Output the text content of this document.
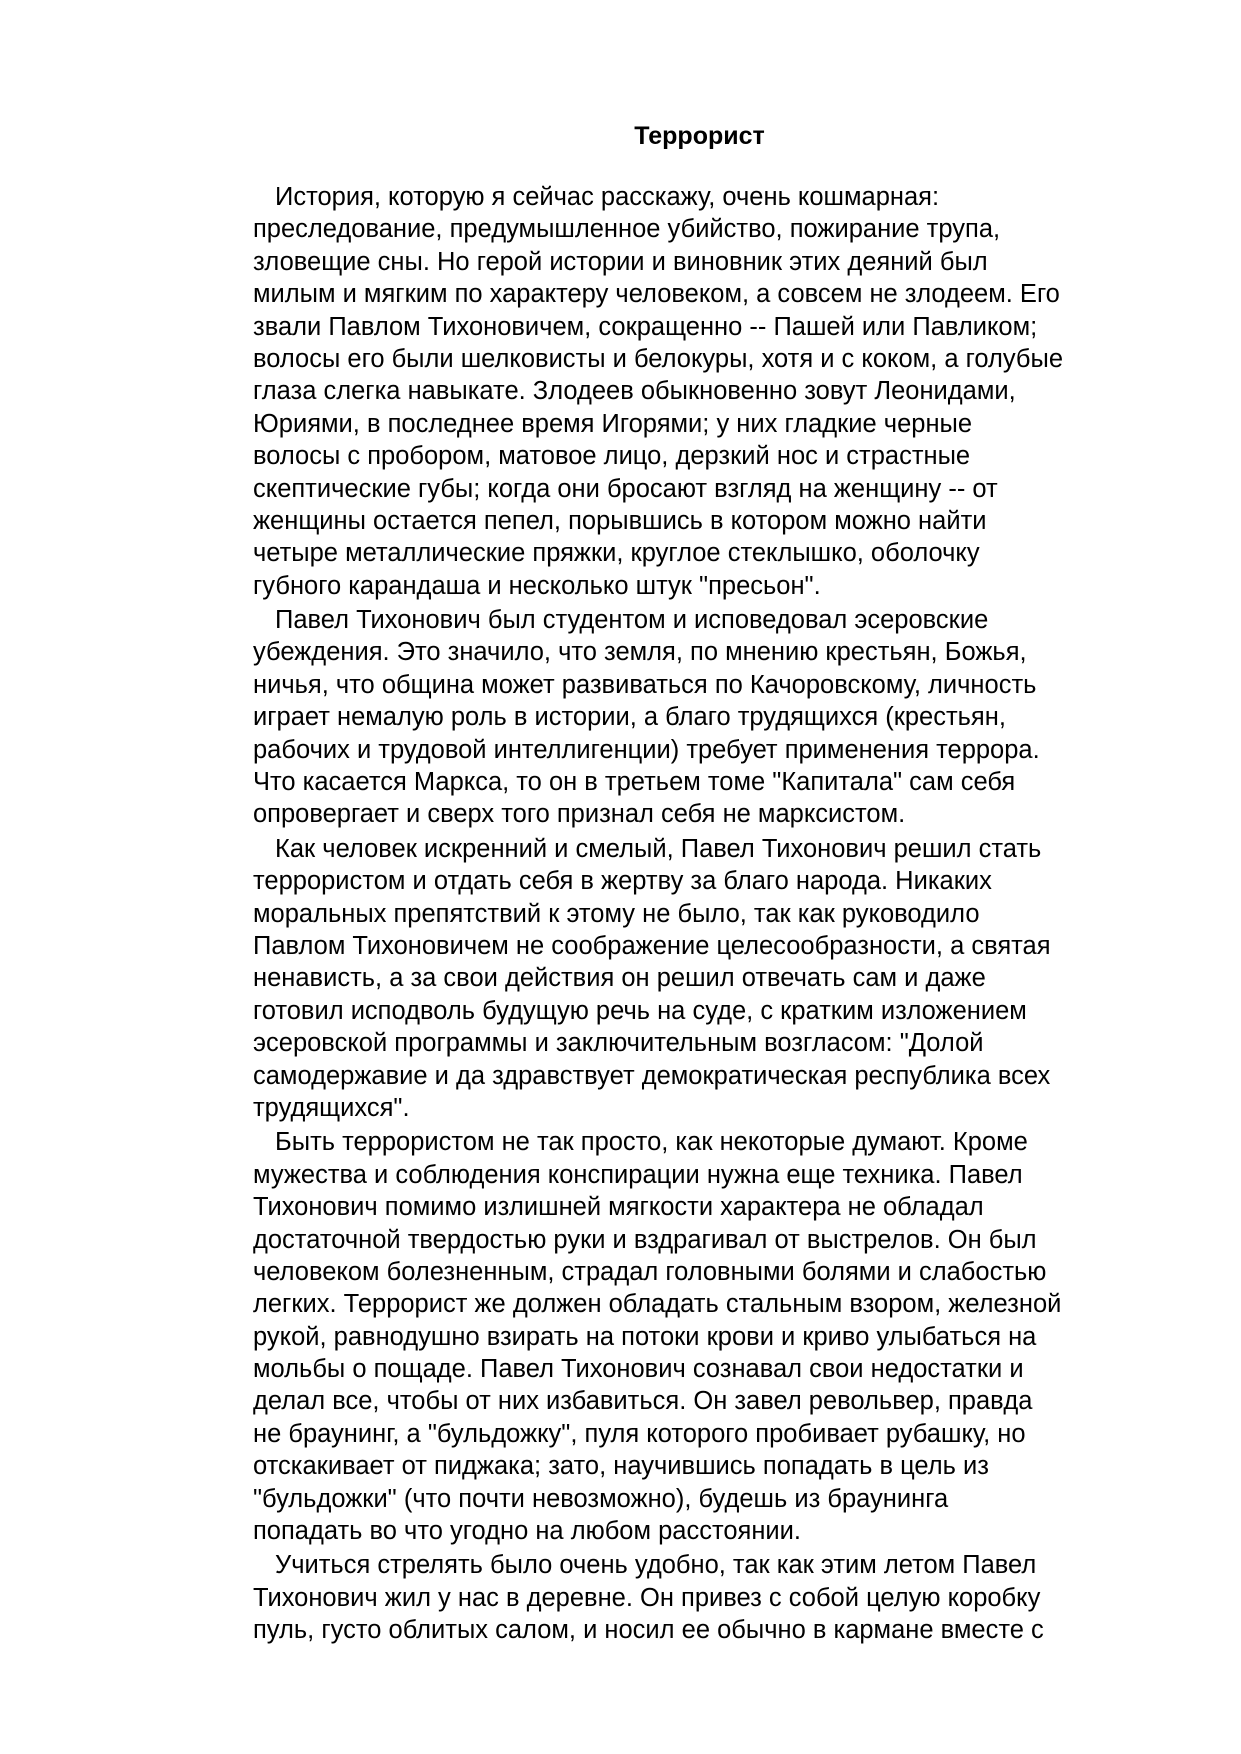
Террорист
История, которую я сейчас расскажу, очень кошмарная:
преследование, предумышленное убийство, пожирание трупа,
зловещие сны. Но герой истории и виновник этих деяний был
милым и мягким по характеру человеком, а совсем не злодеем. Его
звали Павлом Тихоновичем, сокращенно -- Пашей или Павликом;
волосы его были шелковисты и белокуры, хотя и с коком, а голубые
глаза слегка навыкате. Злодеев обыкновенно зовут Леонидами,
Юриями, в последнее время Игорями; у них гладкие черные
волосы с пробором, матовое лицо, дерзкий нос и страстные
скептические губы; когда они бросают взгляд на женщину -- от
женщины остается пепел, порывшись в котором можно найти
четыре металлические пряжки, круглое стеклышко, оболочку
губного карандаша и несколько штук "пресьон".
Павел Тихонович был студентом и исповедовал эсеровские
убеждения. Это значило, что земля, по мнению крестьян, Божья,
ничья, что община может развиваться по Качоровскому, личность
играет немалую роль в истории, а благо трудящихся (крестьян,
рабочих и трудовой интеллигенции) требует применения террора.
Что касается Маркса, то он в третьем томе "Капитала" сам себя
опровергает и сверх того признал себя не марксистом.
Как человек искренний и смелый, Павел Тихонович решил стать
террористом и отдать себя в жертву за благо народа. Никаких
моральных препятствий к этому не было, так как руководило
Павлом Тихоновичем не соображение целесообразности, а святая
ненависть, а за свои действия он решил отвечать сам и даже
готовил исподволь будущую речь на суде, с кратким изложением
эсеровской программы и заключительным возгласом: "Долой
самодержавие и да здравствует демократическая республика всех
трудящихся".
Быть террористом не так просто, как некоторые думают. Кроме
мужества и соблюдения конспирации нужна еще техника. Павел
Тихонович помимо излишней мягкости характера не обладал
достаточной твердостью руки и вздрагивал от выстрелов. Он был
человеком болезненным, страдал головными болями и слабостью
легких. Террорист же должен обладать стальным взором, железной
рукой, равнодушно взирать на потоки крови и криво улыбаться на
мольбы о пощаде. Павел Тихонович сознавал свои недостатки и
делал все, чтобы от них избавиться. Он завел револьвер, правда
не браунинг, а "бульдожку", пуля которого пробивает рубашку, но
отскакивает от пиджака; зато, научившись попадать в цель из
"бульдожки" (что почти невозможно), будешь из браунинга
попадать во что угодно на любом расстоянии.
Учиться стрелять было очень удобно, так как этим летом Павел
Тихонович жил у нас в деревне. Он привез с собой целую коробку
пуль, густо облитых салом, и носил ее обычно в кармане вместе с
